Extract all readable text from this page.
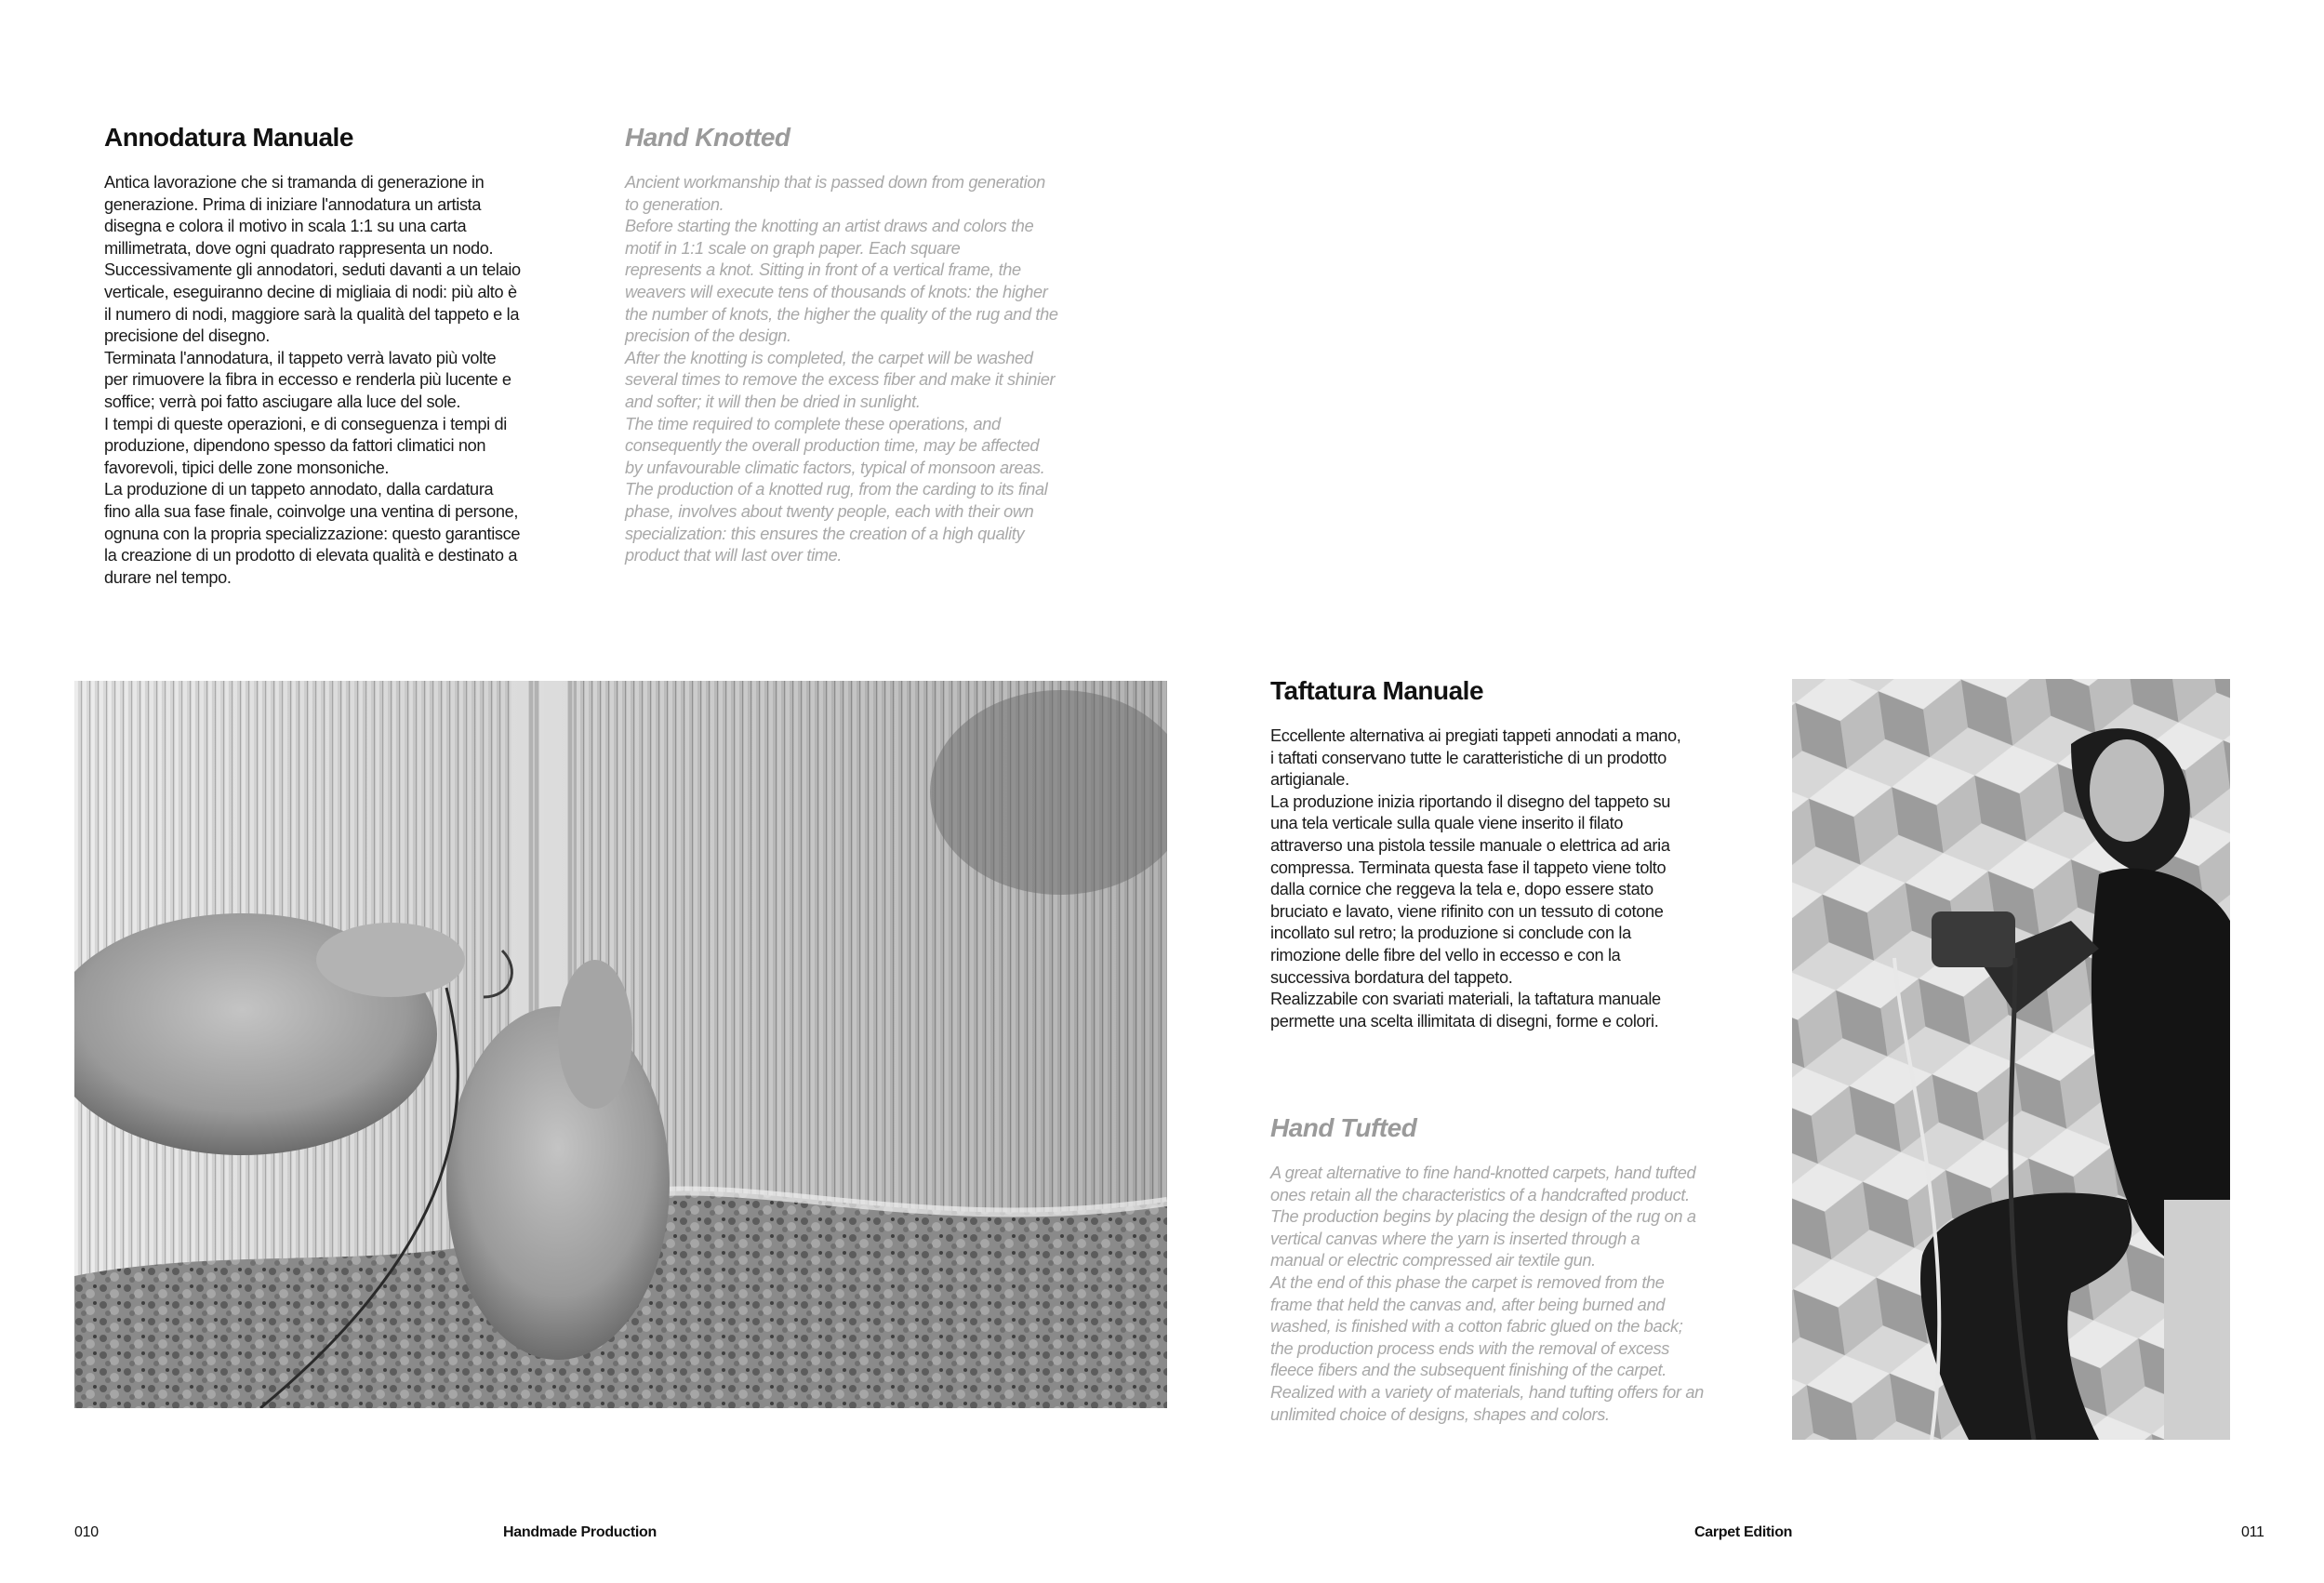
Annodatura Manuale

Antica lavorazione che si tramanda di generazione in
generazione. Prima di iniziare l'annodatura un artista
disegna e colora il motivo in scala 1:1 su una carta
millimetrata, dove ogni quadrato rappresenta un nodo.
Successivamente gli annodatori, seduti davanti a un telaio
verticale, eseguiranno decine di migliaia di nodi: più alto è
il numero di nodi, maggiore sarà la qualità del tappeto e la
precisione del disegno.
Terminata l'annodatura, il tappeto verrà lavato più volte
per rimuovere la fibra in eccesso e renderla più lucente e
soffice; verrà poi fatto asciugare alla luce del sole.
I tempi di queste operazioni, e di conseguenza i tempi di
produzione, dipendono spesso da fattori climatici non
favorevoli, tipici delle zone monsoniche.
La produzione di un tappeto annodato, dalla cardatura
fino alla sua fase finale, coinvolge una ventina di persone,
ognuna con la propria specializzazione: questo garantisce
la creazione di un prodotto di elevata qualità e destinato a
durare nel tempo.

Hand Knotted

Ancient workmanship that is passed down from generation
to generation.
Before starting the knotting an artist draws and colors the
motif in 1:1 scale on graph paper. Each square
represents a knot. Sitting in front of a vertical frame, the
weavers will execute tens of thousands of knots: the higher
the number of knots, the higher the quality of the rug and the
precision of the design.
After the knotting is completed, the carpet will be washed
several times to remove the excess fiber and make it shinier
and softer; it will then be dried in sunlight.
The time required to complete these operations, and
consequently the overall production time, may be affected
by unfavourable climatic factors, typical of monsoon areas.
The production of a knotted rug, from the carding to its final
phase, involves about twenty people, each with their own
specialization: this ensures the creation of a high quality
product that will last over time.

Taftatura Manuale

Eccellente alternativa ai pregiati tappeti annodati a mano,
i taftati conservano tutte le caratteristiche di un prodotto
artigianale.
La produzione inizia riportando il disegno del tappeto su
una tela verticale sulla quale viene inserito il filato
attraverso una pistola tessile manuale o elettrica ad aria
compressa. Terminata questa fase il tappeto viene tolto
dalla cornice che reggeva la tela e, dopo essere stato
bruciato e lavato, viene rifinito con un tessuto di cotone
incollato sul retro; la produzione si conclude con la
rimozione delle fibre del vello in eccesso e con la
successiva bordatura del tappeto.
Realizzabile con svariati materiali, la taftatura manuale
permette una scelta illimitata di disegni, forme e colori.

Hand Tufted

A great alternative to fine hand-knotted carpets, hand tufted
ones retain all the characteristics of a handcrafted product.
The production begins by placing the design of the rug on a
vertical canvas where the yarn is inserted through a
manual or electric compressed air textile gun.
At the end of this phase the carpet is removed from the
frame that held the canvas and, after being burned and
washed, is finished with a cotton fabric glued on the back;
the production process ends with the removal of excess
fleece fibers and the subsequent finishing of the carpet.
Realized with a variety of materials, hand tufting offers for an
unlimited choice of designs, shapes and colors.

010	Handmade Production	Carpet Edition	011
